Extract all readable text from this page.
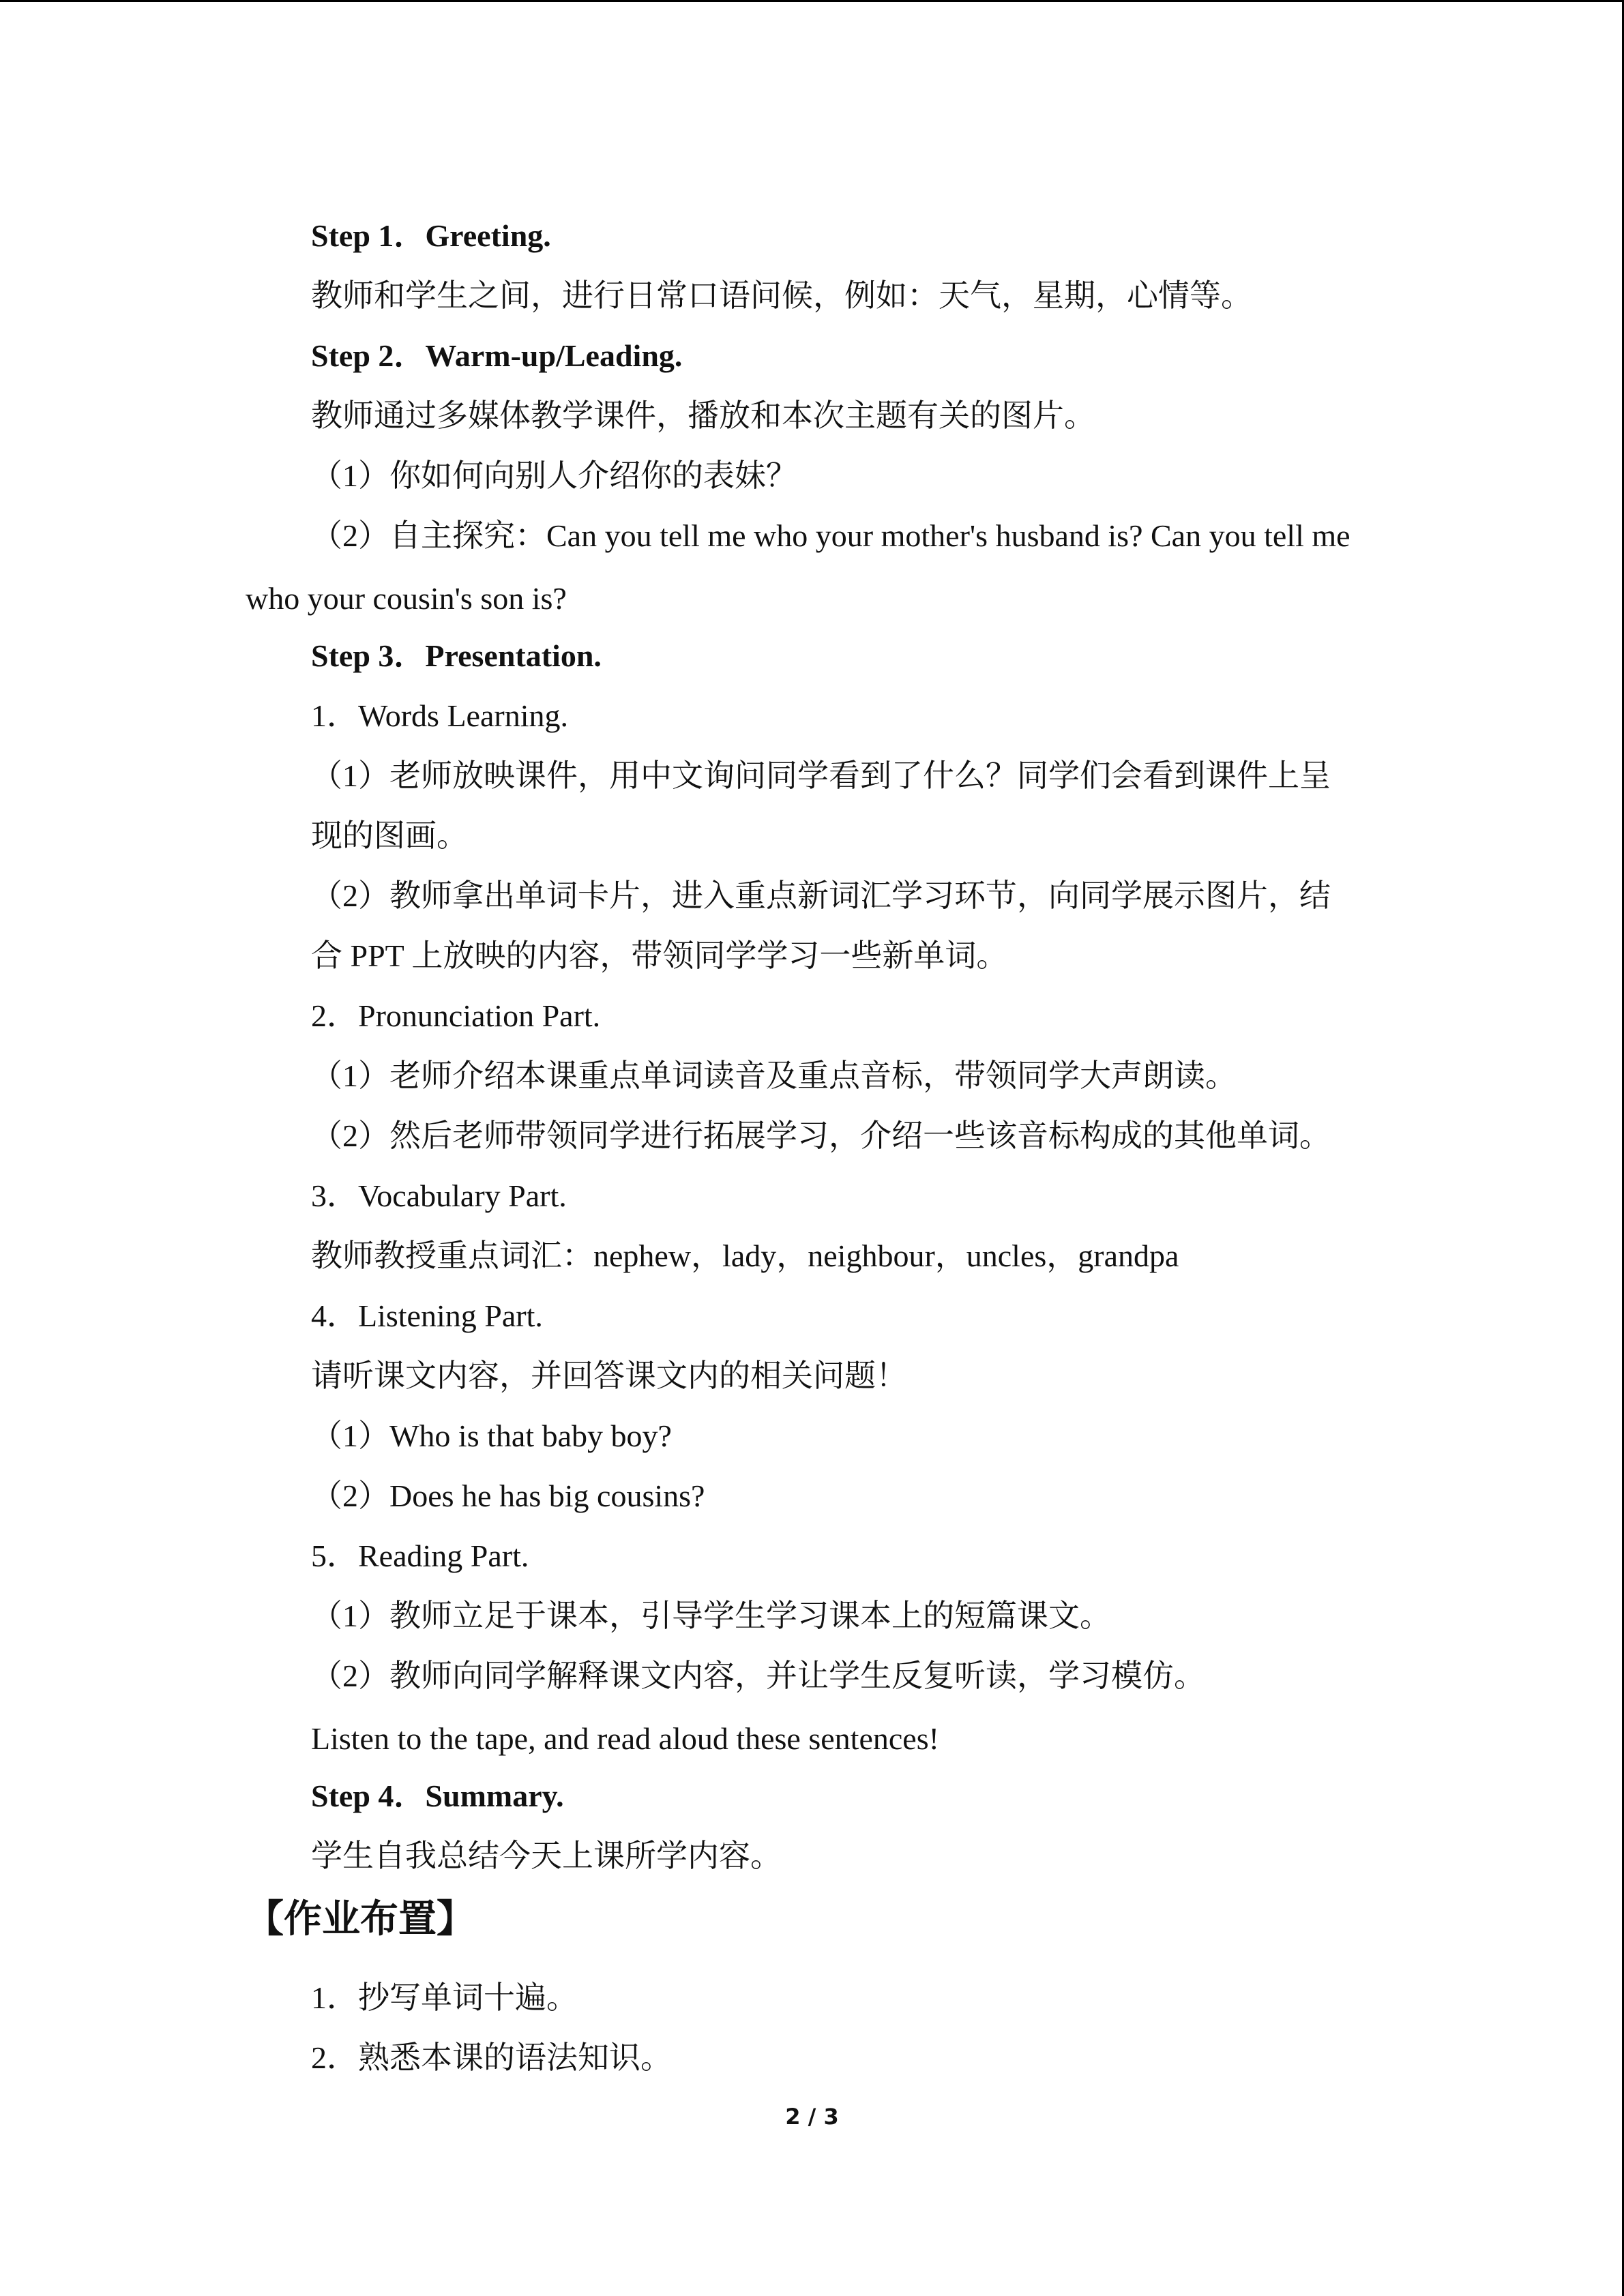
Step 1．Greeting.
教师和学生之间，进行日常口语问候，例如：天气，星期，心情等。
Step 2．Warm-up/Leading.
教师通过多媒体教学课件，播放和本次主题有关的图片。
（1）你如何向别人介绍你的表妹？
（2）自主探究：Can you tell me who your mother's husband is? Can you tell me
who your cousin's son is?
Step 3．Presentation.
1．Words Learning.
（1）老师放映课件，用中文询问同学看到了什么？同学们会看到课件上呈
现的图画。
（2）教师拿出单词卡片，进入重点新词汇学习环节，向同学展示图片，结
合 PPT 上放映的内容，带领同学学习一些新单词。
2．Pronunciation Part.
（1）老师介绍本课重点单词读音及重点音标，带领同学大声朗读。
（2）然后老师带领同学进行拓展学习，介绍一些该音标构成的其他单词。
3．Vocabulary Part.
教师教授重点词汇：nephew，lady，neighbour，uncles，grandpa
4．Listening Part.
请听课文内容，并回答课文内的相关问题！
（1）Who is that baby boy?
（2）Does he has big cousins?
5．Reading Part.
（1）教师立足于课本，引导学生学习课本上的短篇课文。
（2）教师向同学解释课文内容，并让学生反复听读，学习模仿。
Listen to the tape, and read aloud these sentences!
Step 4．Summary.
学生自我总结今天上课所学内容。
【作业布置】
1．抄写单词十遍。
2．熟悉本课的语法知识。
2 / 3
